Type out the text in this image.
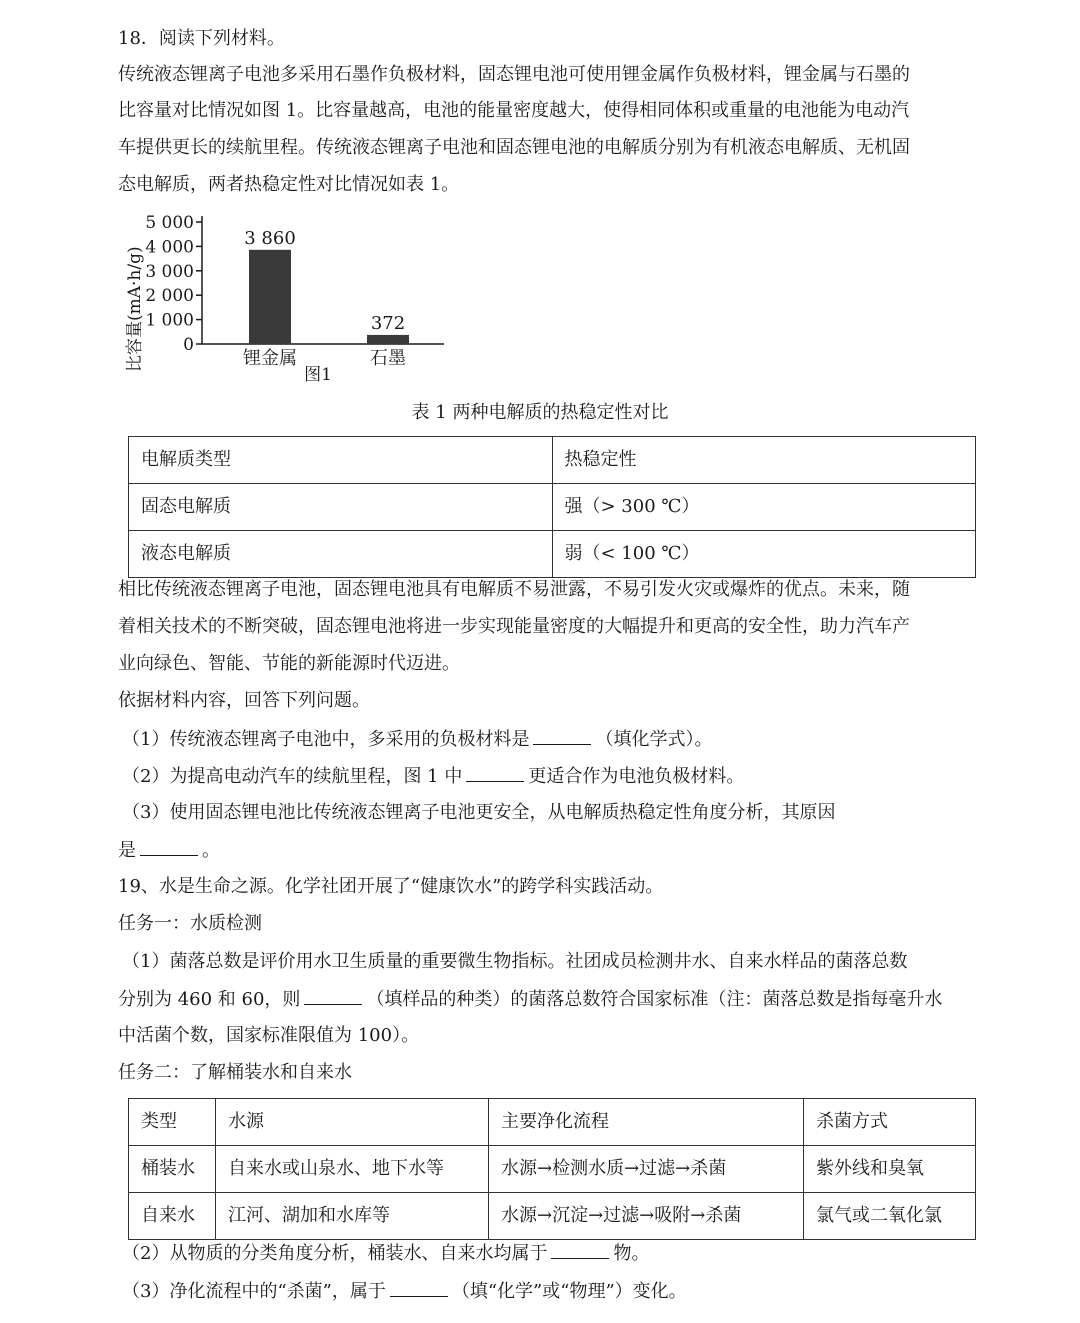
18．阅读下列材料。
传统液态锂离子电池多采用石墨作负极材料，固态锂电池可使用锂金属作负极材料，锂金属与石墨的
比容量对比情况如图 1。比容量越高，电池的能量密度越大，使得相同体积或重量的电池能为电动汽
车提供更长的续航里程。传统液态锂离子电池和固态锂电池的电解质分别为有机液态电解质、无机固
态电解质，两者热稳定性对比情况如表 1。
比容量(mA·h/g) 0
1 000
2 000
3 000
4 000
5 000
3 860
锂金属
372
石墨
图1
表 1 两种电解质的热稳定性对比
电解质类型	热稳定性
固态电解质	强（> 300 ℃）
液态电解质	弱（< 100 ℃）
相比传统液态锂离子电池，固态锂电池具有电解质不易泄露，不易引发火灾或爆炸的优点。未来，随
着相关技术的不断突破，固态锂电池将进一步实现能量密度的大幅提升和更高的安全性，助力汽车产
业向绿色、智能、节能的新能源时代迈进。
依据材料内容，回答下列问题。
（1）传统液态锂离子电池中，多采用的负极材料是	（填化学式）。
（2）为提高电动汽车的续航里程，图 1 中	更适合作为电池负极材料。
（3）使用固态锂电池比传统液态锂离子电池更安全，从电解质热稳定性角度分析，其原因
是	。
19、水是生命之源。化学社团开展了“健康饮水”的跨学科实践活动。
任务一：水质检测
（1）菌落总数是评价用水卫生质量的重要微生物指标。社团成员检测井水、自来水样品的菌落总数
分别为 460 和 60，则	（填样品的种类）的菌落总数符合国家标准（注：菌落总数是指每毫升水
中活菌个数，国家标准限值为 100）。
任务二：了解桶装水和自来水
类型	水源	主要净化流程	杀菌方式
桶装水	自来水或山泉水、地下水等	水源→检测水质→过滤→杀菌	紫外线和臭氧
自来水	江河、湖加和水库等	水源→沉淀→过滤→吸附→杀菌	氯气或二氧化氯
（2）从物质的分类角度分析，桶装水、自来水均属于	物。
（3）净化流程中的“杀菌”，属于	（填“化学”或“物理”）变化。
